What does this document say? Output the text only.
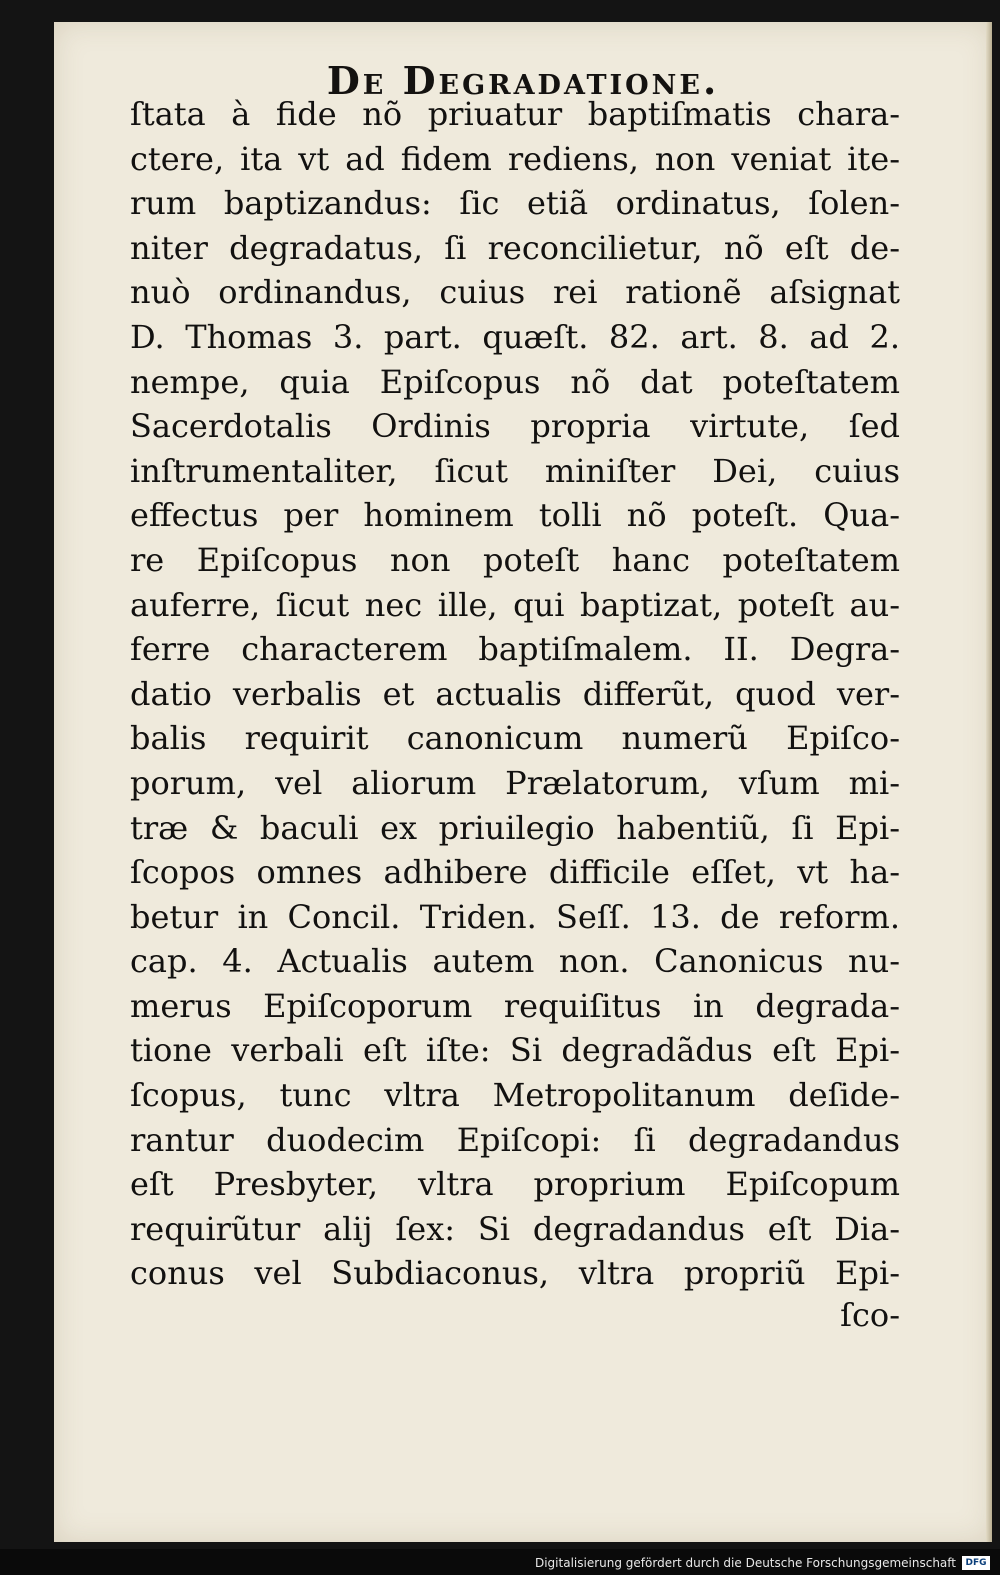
De Degradatione.
ſtata à fide nõ priuatur baptiſmatis chara-
ctere, ita vt ad fidem rediens, non veniat ite-
rum baptizandus: ſic etiã ordinatus, ſolen-
niter degradatus, ſi reconcilietur, nõ eſt de-
nuò ordinandus, cuius rei rationẽ aſsignat
D. Thomas 3. part. quæſt. 82. art. 8. ad 2.
nempe, quia Epiſcopus nõ dat poteſtatem
Sacerdotalis Ordinis propria virtute, ſed
inſtrumentaliter, ſicut miniſter Dei, cuius
effectus per hominem tolli nõ poteſt. Qua-
re Epiſcopus non poteſt hanc poteſtatem
auferre, ſicut nec ille, qui baptizat, poteſt au-
ferre characterem baptiſmalem. II. Degra-
datio verbalis et actualis differũt, quod ver-
balis requirit canonicum numerũ Epiſco-
porum, vel aliorum Prælatorum, vſum mi-
træ & baculi ex priuilegio habentiũ, ſi Epi-
ſcopos omnes adhibere difficile eſſet, vt ha-
betur in Concil. Triden. Seſſ. 13. de reform.
cap. 4. Actualis autem non. Canonicus nu-
merus Epiſcoporum requiſitus in degrada-
tione verbali eſt iſte: Si degradãdus eſt Epi-
ſcopus, tunc vltra Metropolitanum deſide-
rantur duodecim Epiſcopi: ſi degradandus
eſt Presbyter, vltra proprium Epiſcopum
requirũtur alij ſex: Si degradandus eſt Dia-
conus vel Subdiaconus, vltra propriũ Epi-
ſco-
Digitalisierung gefördert durch die Deutsche Forschungsgemeinschaft	DFG
